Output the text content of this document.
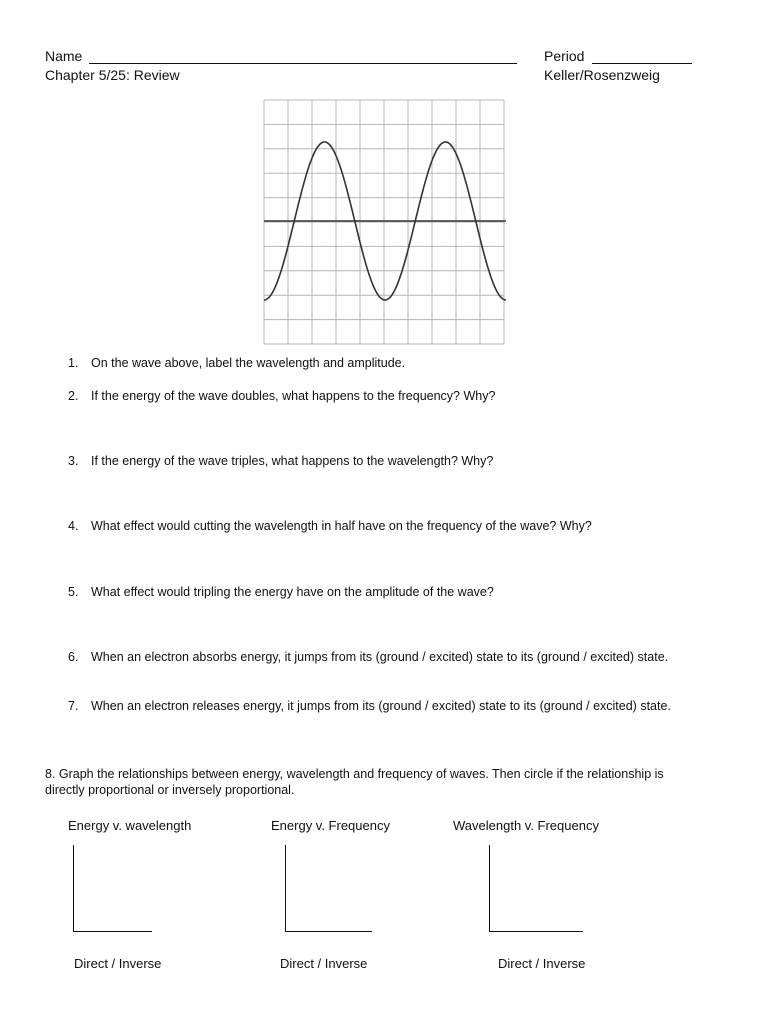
Name
Chapter 5/25: Review
Period
Keller/Rosenzweig
1.	On the wave above, label the wavelength and amplitude.
2.	If the energy of the wave doubles, what happens to the frequency? Why?
3.	If the energy of the wave triples, what happens to the wavelength? Why?
4.	What effect would cutting the wavelength in half have on the frequency of the wave? Why?
5.	What effect would tripling the energy have on the amplitude of the wave?
6.	When an electron absorbs energy, it jumps from its (ground / excited) state to its (ground / excited) state.
7.	When an electron releases energy, it jumps from its (ground / excited) state to its (ground / excited) state.
8. Graph the relationships between energy, wavelength and frequency of waves. Then circle if the relationship is directly proportional or inversely proportional.
Energy v. wavelength	Energy v. Frequency	Wavelength v. Frequency
Direct / Inverse	Direct / Inverse	Direct / Inverse
